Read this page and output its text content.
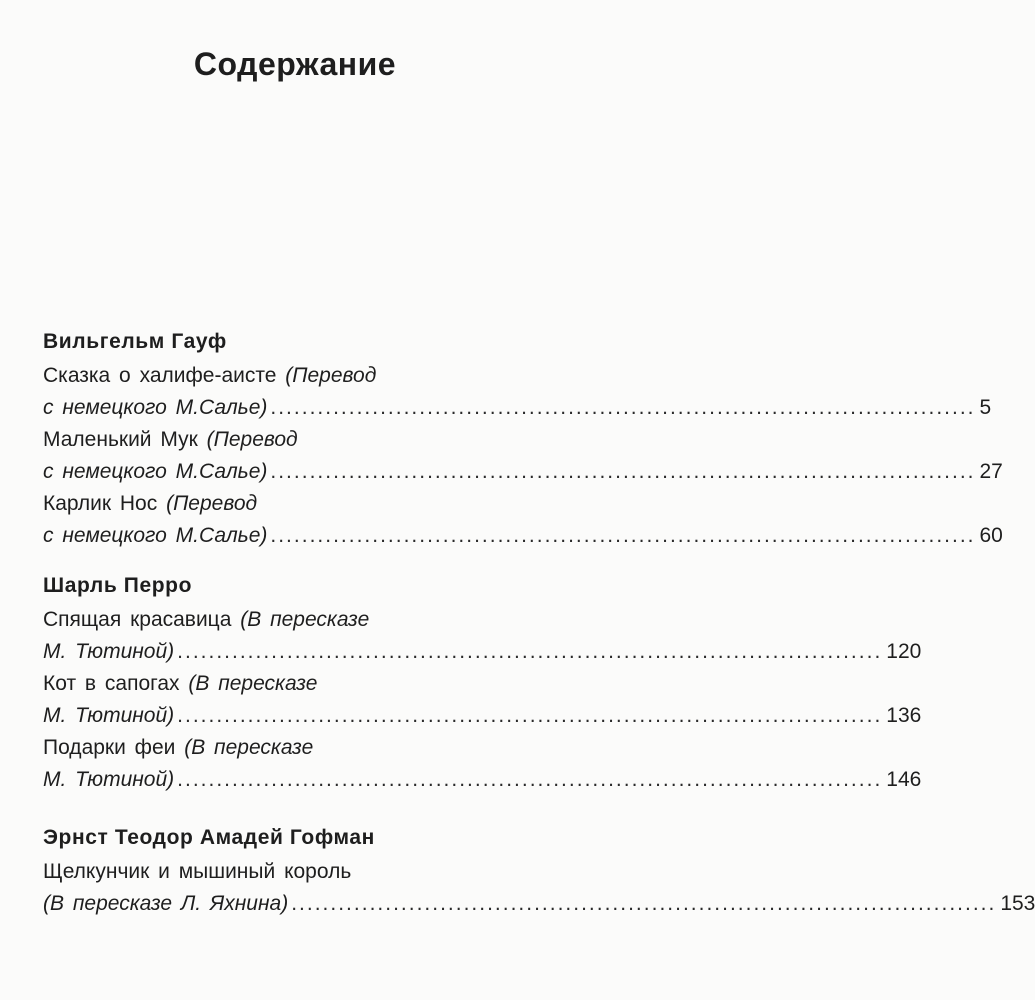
Содержание
Вильгельм Гауф
Сказка о халифе-аисте (Перевод
с немецкого М.Салье) .......................................................................................... 5
Маленький Мук (Перевод
с немецкого М.Салье) .......................................................................................... 27
Карлик Нос (Перевод
с немецкого М.Салье) .......................................................................................... 60
Шарль Перро
Спящая красавица (В пересказе
М. Тютиной) .......................................................................................... 120
Кот в сапогах (В пересказе
М. Тютиной) .......................................................................................... 136
Подарки феи (В пересказе
М. Тютиной) .......................................................................................... 146
Эрнст Теодор Амадей Гофман
Щелкунчик и мышиный король
(В пересказе Л. Яхнина) .......................................................................................... 153
